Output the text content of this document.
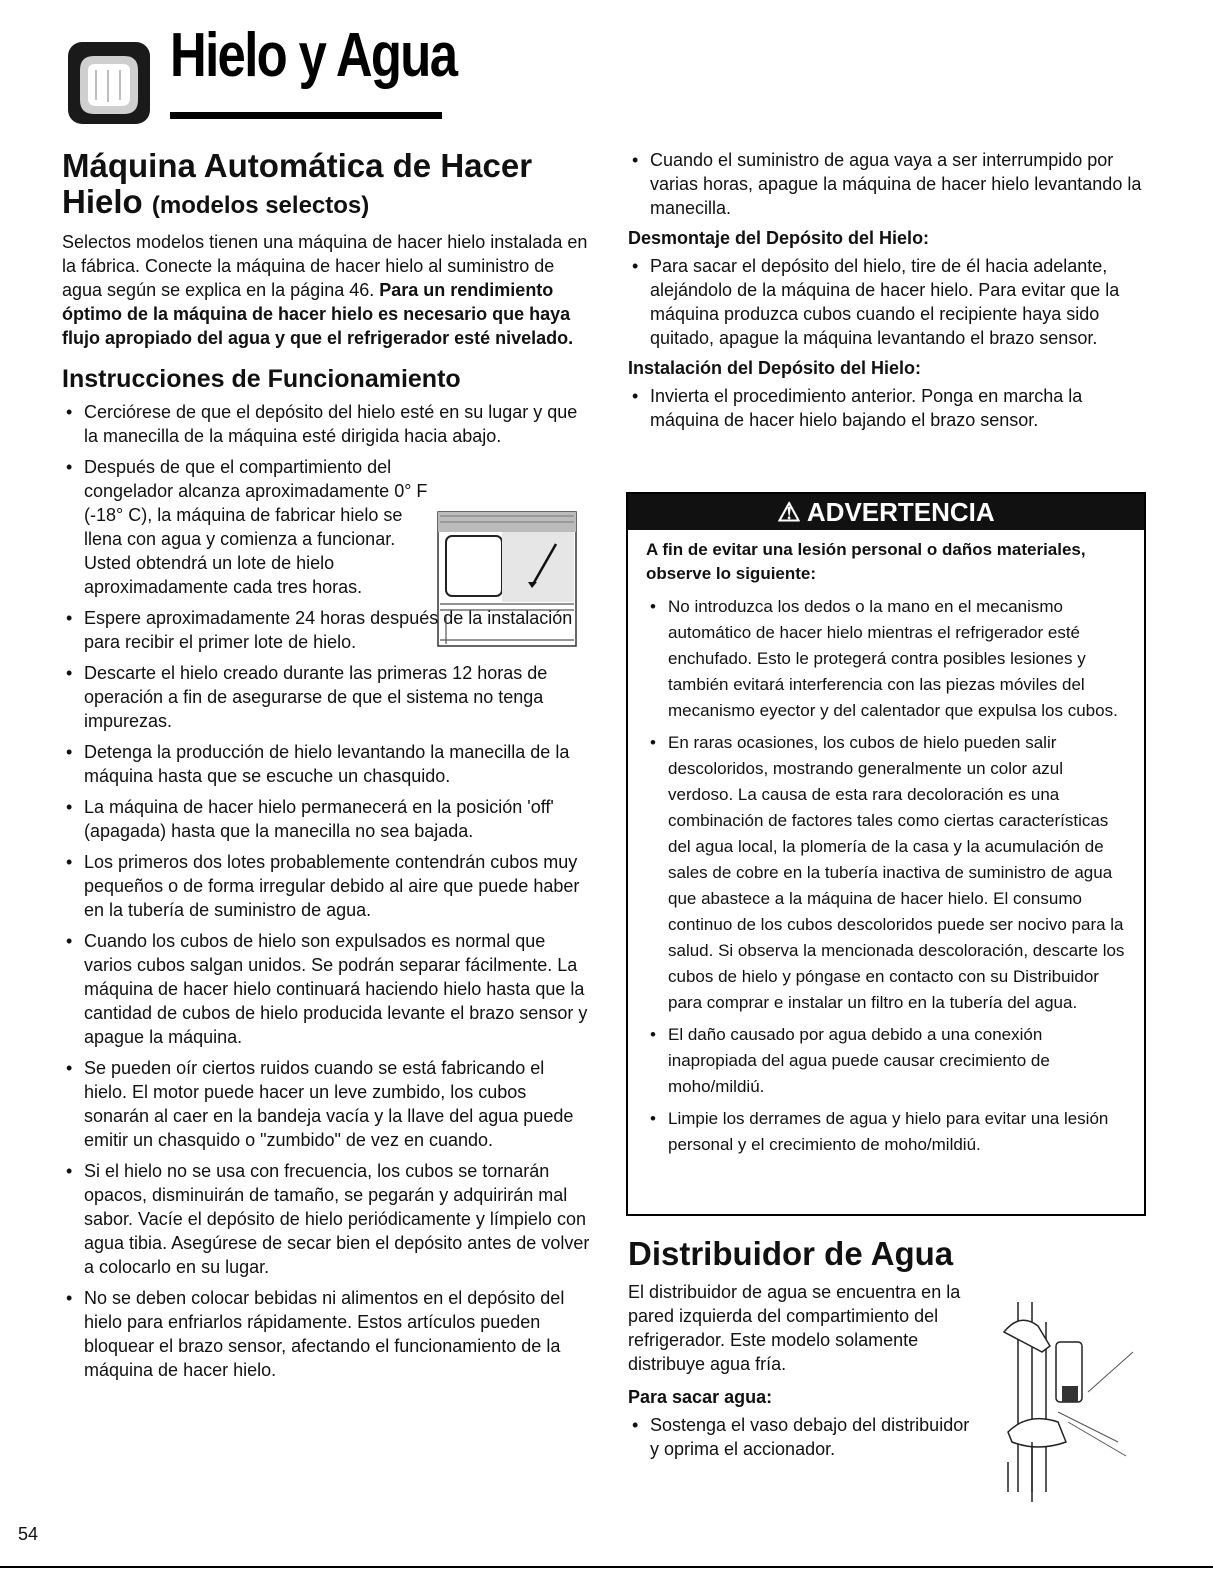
Hielo y Agua
Máquina Automática de Hacer Hielo (modelos selectos)

Selectos modelos tienen una máquina de hacer hielo instalada en la fábrica. Conecte la máquina de hacer hielo al suministro de agua según se explica en la página 46. Para un rendimiento óptimo de la máquina de hacer hielo es necesario que haya flujo apropiado del agua y que el refrigerador esté nivelado.

Instrucciones de Funcionamiento
• Cerciórese de que el depósito del hielo esté en su lugar y que la manecilla de la máquina esté dirigida hacia abajo.
• Después de que el compartimiento del congelador alcanza aproximadamente 0° F (-18° C), la máquina de fabricar hielo se llena con agua y comienza a funcionar. Usted obtendrá un lote de hielo aproximadamente cada tres horas.
• Espere aproximadamente 24 horas después de la instalación para recibir el primer lote de hielo.
• Descarte el hielo creado durante las primeras 12 horas de operación a fin de asegurarse de que el sistema no tenga impurezas.
• Detenga la producción de hielo levantando la manecilla de la máquina hasta que se escuche un chasquido.
• La máquina de hacer hielo permanecerá en la posición 'off' (apagada) hasta que la manecilla no sea bajada.
• Los primeros dos lotes probablemente contendrán cubos muy pequeños o de forma irregular debido al aire que puede haber en la tubería de suministro de agua.
• Cuando los cubos de hielo son expulsados es normal que varios cubos salgan unidos. Se podrán separar fácilmente. La máquina de hacer hielo continuará haciendo hielo hasta que la cantidad de cubos de hielo producida levante el brazo sensor y apague la máquina.
• Se pueden oír ciertos ruidos cuando se está fabricando el hielo. El motor puede hacer un leve zumbido, los cubos sonarán al caer en la bandeja vacía y la llave del agua puede emitir un chasquido o "zumbido" de vez en cuando.
• Si el hielo no se usa con frecuencia, los cubos se tornarán opacos, disminuirán de tamaño, se pegarán y adquirirán mal sabor. Vacíe el depósito de hielo periódicamente y límpielo con agua tibia. Asegúrese de secar bien el depósito antes de volver a colocarlo en su lugar.
• No se deben colocar bebidas ni alimentos en el depósito del hielo para enfriarlos rápidamente. Estos artículos pueden bloquear el brazo sensor, afectando el funcionamiento de la máquina de hacer hielo.
• Cuando el suministro de agua vaya a ser interrumpido por varias horas, apague la máquina de hacer hielo levantando la manecilla.
Desmontaje del Depósito del Hielo:
• Para sacar el depósito del hielo, tire de él hacia adelante, alejándolo de la máquina de hacer hielo. Para evitar que la máquina produzca cubos cuando el recipiente haya sido quitado, apague la máquina levantando el brazo sensor.
Instalación del Depósito del Hielo:
• Invierta el procedimiento anterior. Ponga en marcha la máquina de hacer hielo bajando el brazo sensor.
⚠ ADVERTENCIA

A fin de evitar una lesión personal o daños materiales, observe lo siguiente:

• No introduzca los dedos o la mano en el mecanismo automático de hacer hielo mientras el refrigerador esté enchufado. Esto le protegerá contra posibles lesiones y también evitará interferencia con las piezas móviles del mecanismo eyector y del calentador que expulsa los cubos.
• En raras ocasiones, los cubos de hielo pueden salir descoloridos, mostrando generalmente un color azul verdoso. La causa de esta rara decoloración es una combinación de factores tales como ciertas características del agua local, la plomería de la casa y la acumulación de sales de cobre en la tubería inactiva de suministro de agua que abastece a la máquina de hacer hielo. El consumo continuo de los cubos descoloridos puede ser nocivo para la salud. Si observa la mencionada descoloración, descarte los cubos de hielo y póngase en contacto con su Distribuidor para comprar e instalar un filtro en la tubería del agua.
• El daño causado por agua debido a una conexión inapropiada del agua puede causar crecimiento de moho/mildiú.
• Limpie los derrames de agua y hielo para evitar una lesión personal y el crecimiento de moho/mildiú.
Distribuidor de Agua

El distribuidor de agua se encuentra en la pared izquierda del compartimiento del refrigerador. Este modelo solamente distribuye agua fría.

Para sacar agua:
• Sostenga el vaso debajo del distribuidor y oprima el accionador.
54
